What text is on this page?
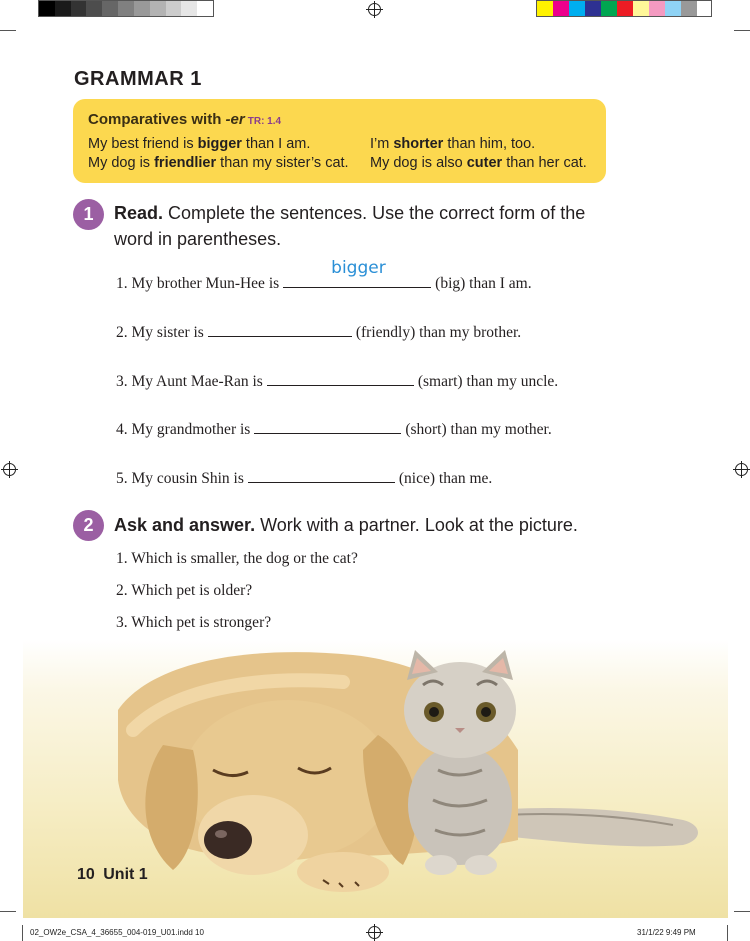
GRAMMAR 1
Comparatives with -er TR: 1.4
My best friend is bigger than I am.
My dog is friendlier than my sister’s cat.
I’m shorter than him, too.
My dog is also cuter than her cat.
1	Read. Complete the sentences. Use the correct form of the
word in parentheses.
1. My brother Mun-Hee is
bigger
(big) than I am.
2. My sister is	(friendly) than my brother.
3. My Aunt Mae-Ran is	(smart) than my uncle.
4. My grandmother is	(short) than my mother.
5. My cousin Shin is	(nice) than me.
2	Ask and answer. Work with a partner. Look at the picture.
1. Which is smaller, the dog or the cat?
2. Which pet is older?
3. Which pet is stronger?
10 Unit 1
02_OW2e_CSA_4_36655_004-019_U01.indd 10	31/1/22 9:49 PM
